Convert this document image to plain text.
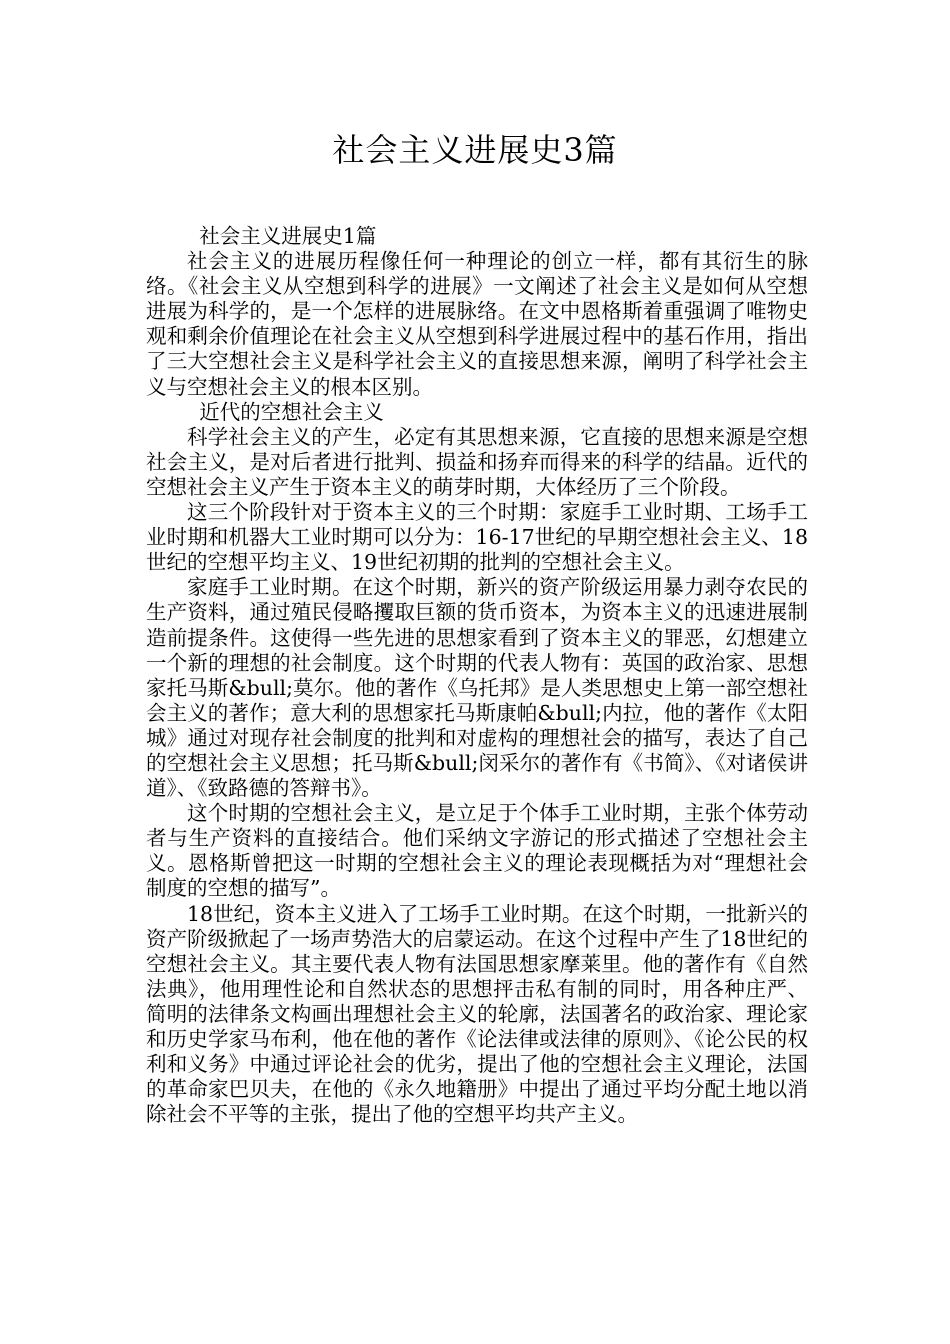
社会主义进展史3篇

社会主义进展史1篇

社会主义的进展历程像任何一种理论的创立一样，都有其衍生的脉络。《社会主义从空想到科学的进展》一文阐述了社会主义是如何从空想进展为科学的，是一个怎样的进展脉络。在文中恩格斯着重强调了唯物史观和剩余价值理论在社会主义从空想到科学进展过程中的基石作用，指出了三大空想社会主义是科学社会主义的直接思想来源，阐明了科学社会主义与空想社会主义的根本区别。

近代的空想社会主义

科学社会主义的产生，必定有其思想来源，它直接的思想来源是空想社会主义，是对后者进行批判、损益和扬弃而得来的科学的结晶。近代的空想社会主义产生于资本主义的萌芽时期，大体经历了三个阶段。

这三个阶段针对于资本主义的三个时期：家庭手工业时期、工场手工业时期和机器大工业时期可以分为：16-17世纪的早期空想社会主义、18世纪的空想平均主义、19世纪初期的批判的空想社会主义。

家庭手工业时期。在这个时期，新兴的资产阶级运用暴力剥夺农民的生产资料，通过殖民侵略攫取巨额的货币资本，为资本主义的迅速进展制造前提条件。这使得一些先进的思想家看到了资本主义的罪恶，幻想建立一个新的理想的社会制度。这个时期的代表人物有：英国的政治家、思想家托马斯&bull;莫尔。他的著作《乌托邦》是人类思想史上第一部空想社会主义的著作；意大利的思想家托马斯康帕&bull;内拉，他的著作《太阳城》通过对现存社会制度的批判和对虚构的理想社会的描写，表达了自己的空想社会主义思想；托马斯&bull;闵采尔的著作有《书简》、《对诸侯讲道》、《致路德的答辩书》。

这个时期的空想社会主义，是立足于个体手工业时期，主张个体劳动者与生产资料的直接结合。他们采纳文字游记的形式描述了空想社会主义。恩格斯曾把这一时期的空想社会主义的理论表现概括为对“理想社会制度的空想的描写”。

18世纪，资本主义进入了工场手工业时期。在这个时期，一批新兴的资产阶级掀起了一场声势浩大的启蒙运动。在这个过程中产生了18世纪的空想社会主义。其主要代表人物有法国思想家摩莱里。他的著作有《自然法典》，他用理性论和自然状态的思想抨击私有制的同时，用各种庄严、简明的法律条文构画出理想社会主义的轮廓，法国著名的政治家、理论家和历史学家马布利，他在他的著作《论法律或法律的原则》、《论公民的权利和义务》中通过评论社会的优劣，提出了他的空想社会主义理论，法国的革命家巴贝夫，在他的《永久地籍册》中提出了通过平均分配土地以消除社会不平等的主张，提出了他的空想平均共产主义。
